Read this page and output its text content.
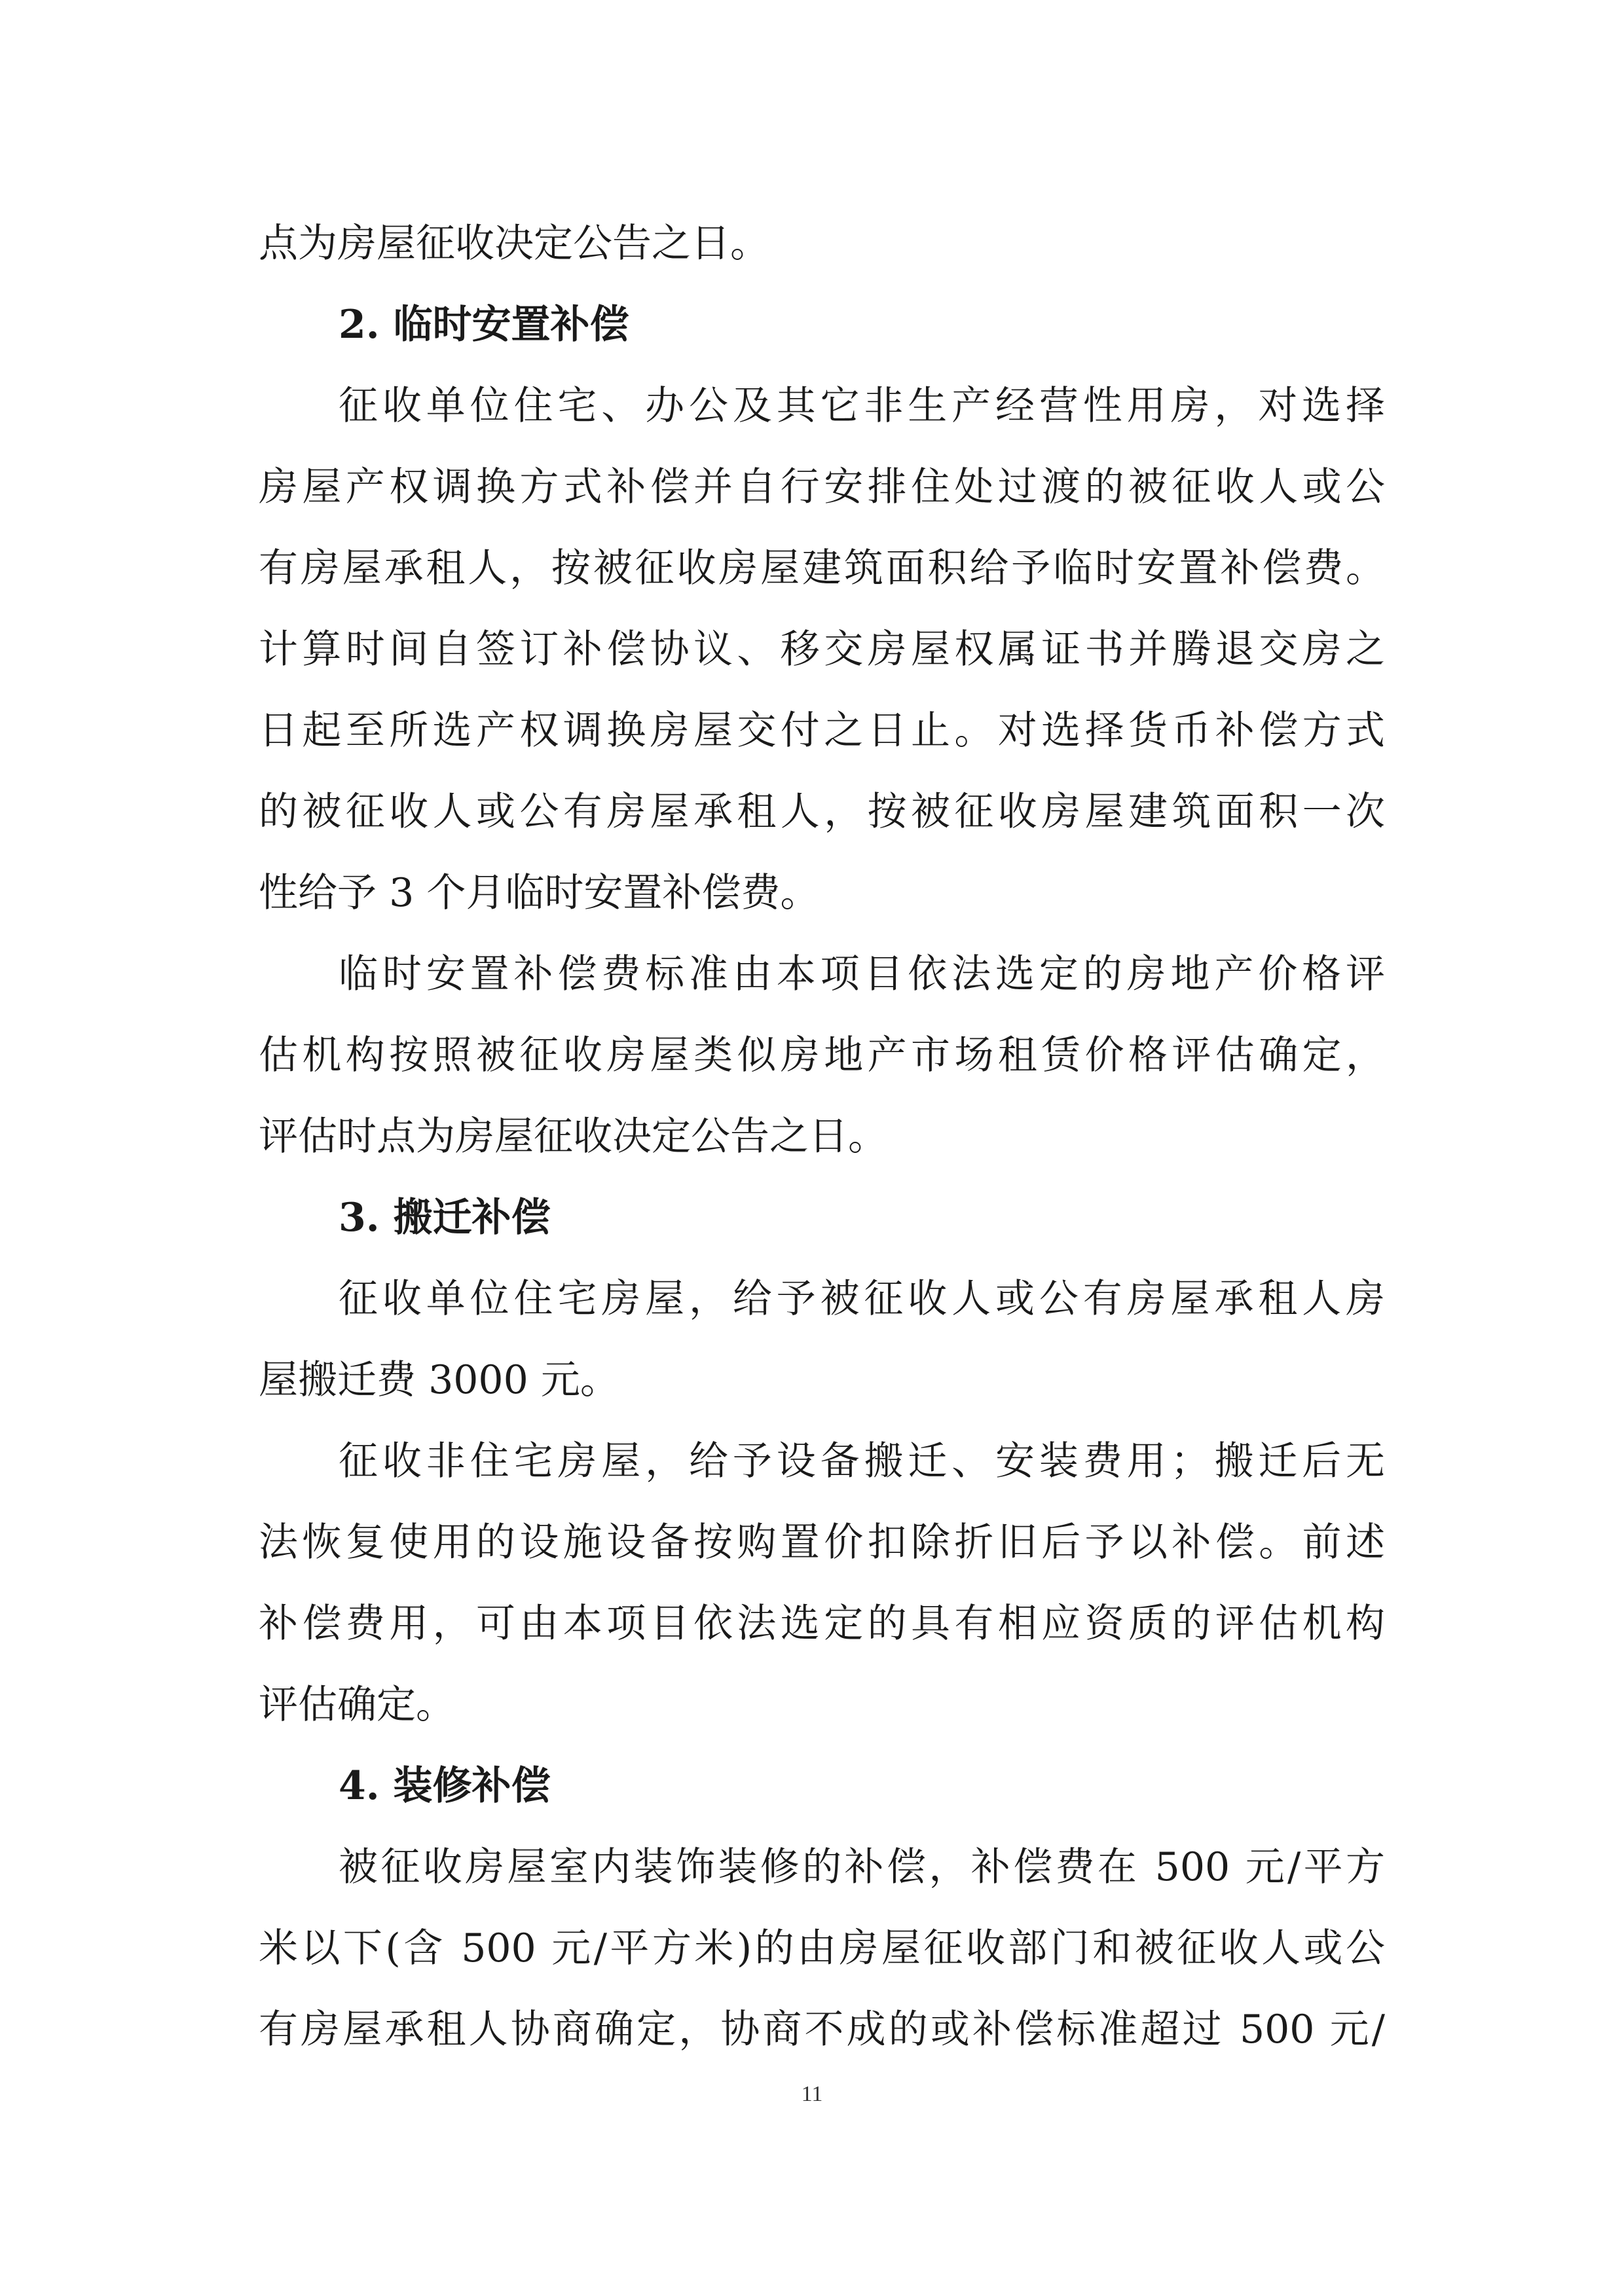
点为房屋征收决定公告之日。
2. 临时安置补偿
征收单位住宅、办公及其它非生产经营性用房，对选择
房屋产权调换方式补偿并自行安排住处过渡的被征收人或公
有房屋承租人，按被征收房屋建筑面积给予临时安置补偿费。
计算时间自签订补偿协议、移交房屋权属证书并腾退交房之
日起至所选产权调换房屋交付之日止。对选择货币补偿方式
的被征收人或公有房屋承租人，按被征收房屋建筑面积一次
性给予 3 个月临时安置补偿费。
临时安置补偿费标准由本项目依法选定的房地产价格评
估机构按照被征收房屋类似房地产市场租赁价格评估确定，
评估时点为房屋征收决定公告之日。
3. 搬迁补偿
征收单位住宅房屋，给予被征收人或公有房屋承租人房
屋搬迁费 3000 元。
征收非住宅房屋，给予设备搬迁、安装费用；搬迁后无
法恢复使用的设施设备按购置价扣除折旧后予以补偿。前述
补偿费用，可由本项目依法选定的具有相应资质的评估机构
评估确定。
4. 装修补偿
被征收房屋室内装饰装修的补偿，补偿费在 500 元/平方
米以下(含 500 元/平方米)的由房屋征收部门和被征收人或公
有房屋承租人协商确定，协商不成的或补偿标准超过 500 元/
11
